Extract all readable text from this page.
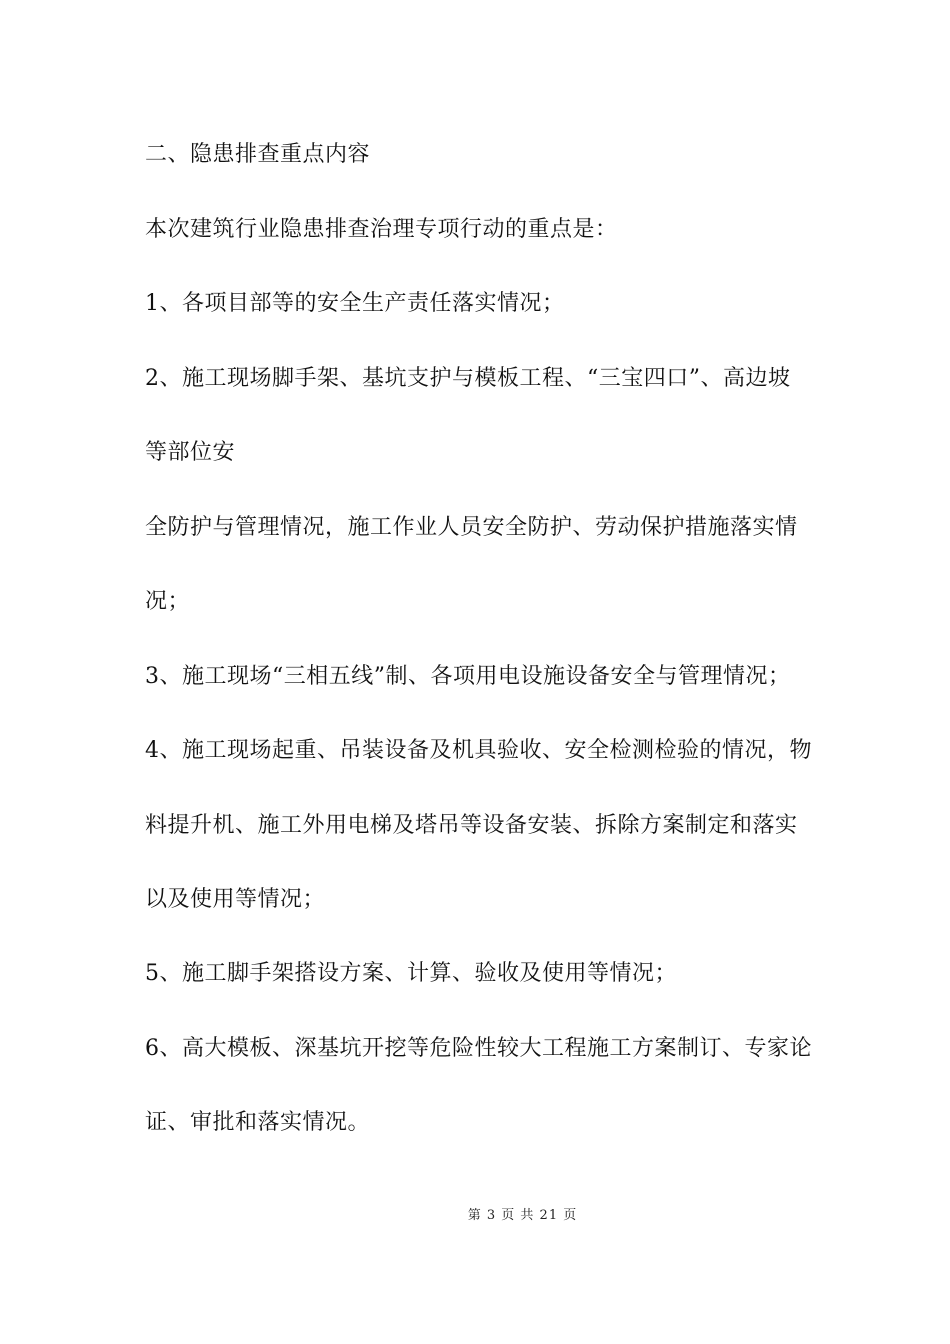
二、隐患排查重点内容
本次建筑行业隐患排查治理专项行动的重点是：
1、各项目部等的安全生产责任落实情况；
2、施工现场脚手架、基坑支护与模板工程、“三宝四口”、高边坡
等部位安
全防护与管理情况，施工作业人员安全防护、劳动保护措施落实情
况；
3、施工现场“三相五线”制、各项用电设施设备安全与管理情况；
4、施工现场起重、吊装设备及机具验收、安全检测检验的情况，物
料提升机、施工外用电梯及塔吊等设备安装、拆除方案制定和落实
以及使用等情况；
5、施工脚手架搭设方案、计算、验收及使用等情况；
6、高大模板、深基坑开挖等危险性较大工程施工方案制订、专家论
证、审批和落实情况。
第 3 页 共 21 页
